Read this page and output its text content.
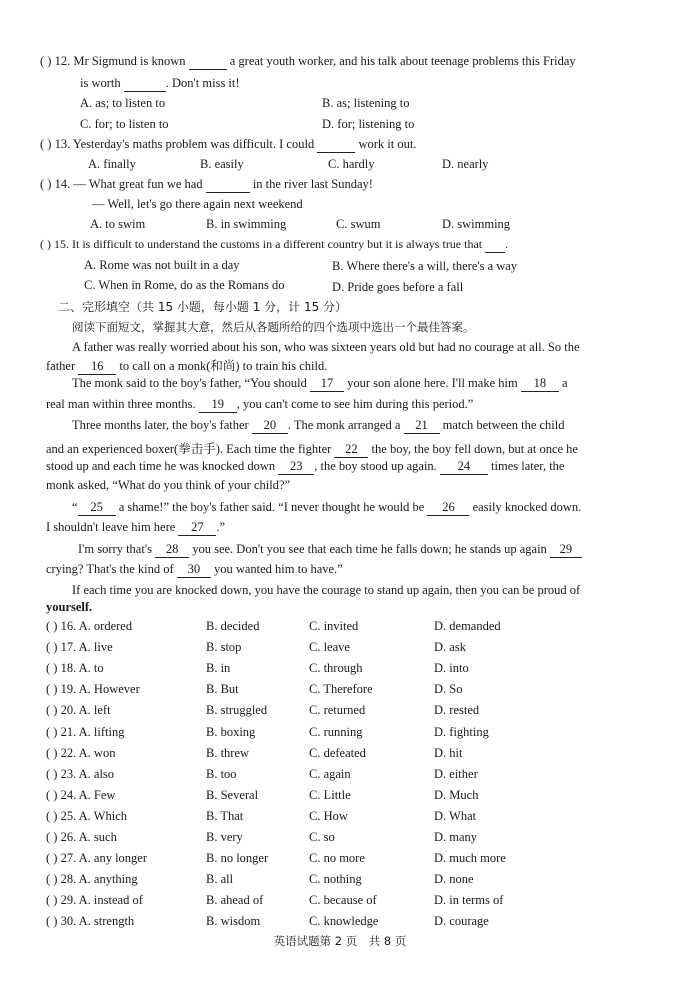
( ) 12. Mr Sigmund is known	a great youth worker, and his talk about teenage problems this Friday
is worth	. Don't miss it!
A. as; to listen to	B. as; listening to
C. for; to listen to	D. for; listening to
( ) 13. Yesterday's maths problem was difficult. I could	work it out.
A. finally	B. easily	C. hardly	D. nearly
( ) 14. — What great fun we had	in the river last Sunday!
— Well, let's go there again next weekend
A. to swim	B. in swimming	C. swum	D. swimming
( ) 15. It is difficult to understand the customs in a different country but it is always true that .
A. Rome was not built in a day	B. Where there's a will, there's a way
C. When in Rome, do as the Romans do	D. Pride goes before a fall
二、完形填空（共 15 小题，每小题 1 分，计 15 分）
阅读下面短文，掌握其大意，然后从各题所给的四个选项中选出一个最佳答案。
A father was really worried about his son, who was sixteen years old but had no courage at all. So the
father 16 to call on a monk(和尚) to train his child.
The monk said to the boy's father, “You should 17 your son alone here. I'll make him 18 a
real man within three months. 19 , you can't come to see him during this period.”
Three months later, the boy's father 20 . The monk arranged a 21 match between the child
and an experienced boxer(拳击手). Each time the fighter 22 the boy, the boy fell down, but at once he
stood up and each time he was knocked down 23 , the boy stood up again. 24 times later, the
monk asked, “What do you think of your child?”
“ 25 a shame!” the boy's father said. “I never thought he would be 26 easily knocked down.
I shouldn't leave him here 27 .”
I'm sorry that's 28 you see. Don't you see that each time he falls down; he stands up again 29
crying? That's the kind of 30 you wanted him to have.”
If each time you are knocked down, you have the courage to stand up again, then you can be proud of
yourself.
( ) 16. A. ordered	B. decided	C. invited	D. demanded
( ) 17. A. live	B. stop	C. leave	D. ask
( ) 18. A. to	B. in	C. through	D. into
( ) 19. A. However	B. But	C. Therefore	D. So
( ) 20. A. left	B. struggled	C. returned	D. rested
( ) 21. A. lifting	B. boxing	C. running	D. fighting
( ) 22. A. won	B. threw	C. defeated	D. hit
( ) 23. A. also	B. too	C. again	D. either
( ) 24. A. Few	B. Several	C. Little	D. Much
( ) 25. A. Which	B. That	C. How	D. What
( ) 26. A. such	B. very	C. so	D. many
( ) 27. A. any longer	B. no longer	C. no more	D. much more
( ) 28. A. anything	B. all	C. nothing	D. none
( ) 29. A. instead of	B. ahead of	C. because of	D. in terms of
( ) 30. A. strength	B. wisdom	C. knowledge	D. courage
英语试题第 2 页　共 8 页
